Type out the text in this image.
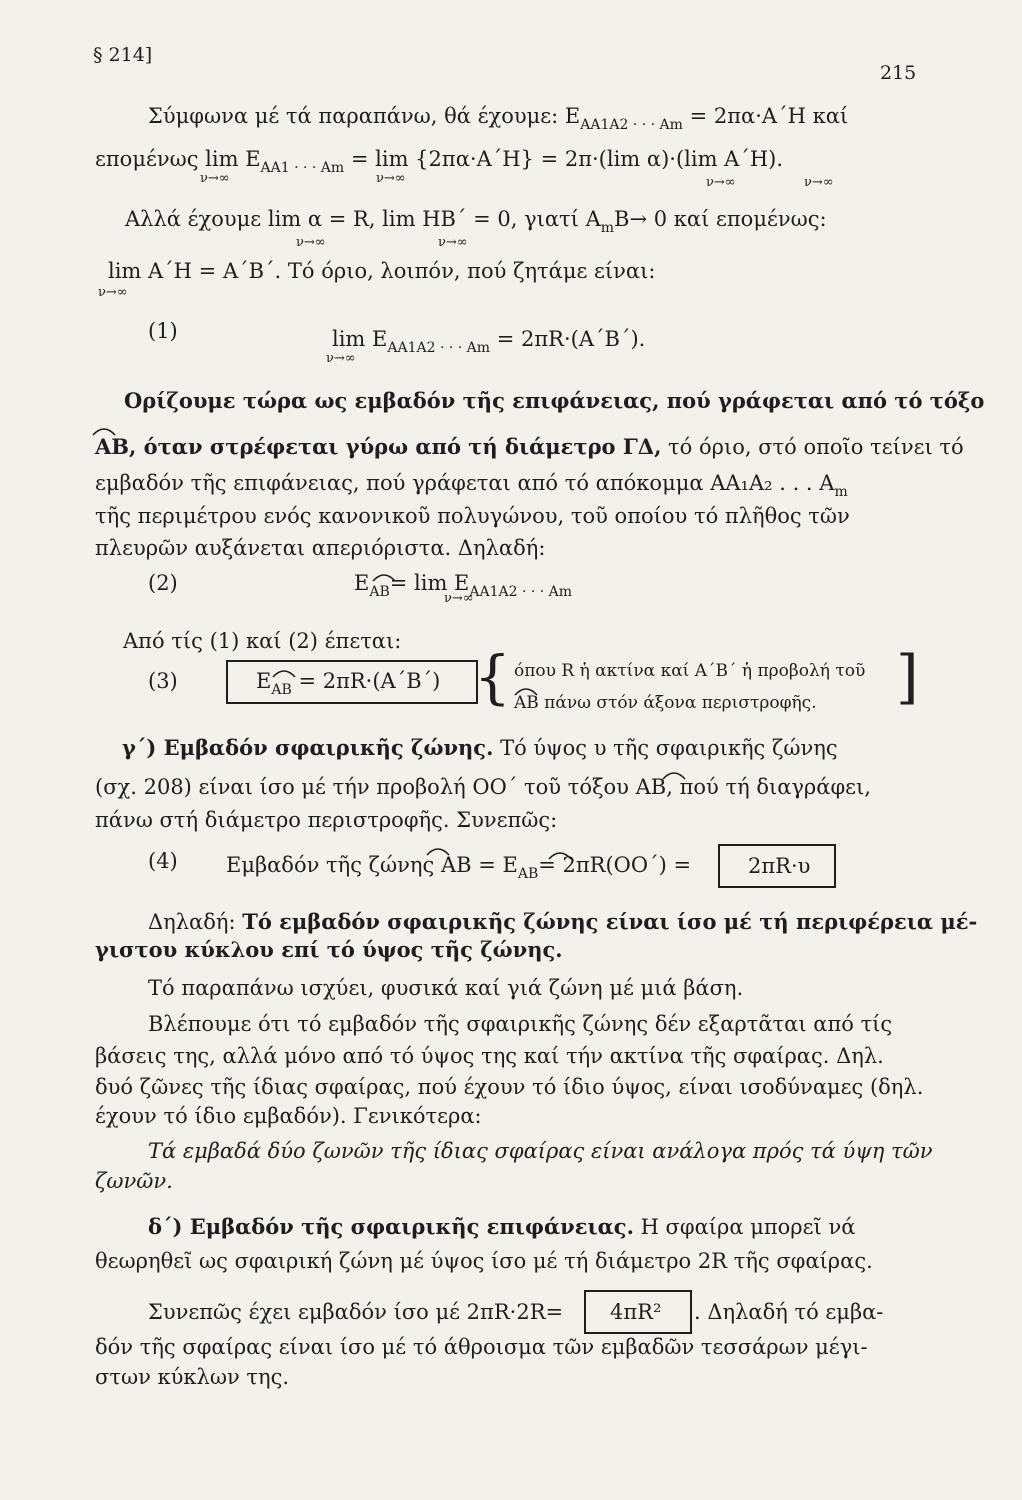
§ 214]
215
Σύμφωνα μέ τά παραπάνω, θά έχουμε: $E_{AA1A2 \cdot \cdot \cdot Am} = 2\pi\alpha\cdot A΄H$ καί
επομένως $\lim E_{AA1 \cdot \cdot \cdot Am} = \lim \{2\pi\alpha\cdot A΄H\} = 2\pi\cdot(\lim$ α)·(lim Α΄Η).
ν→∞	ν→∞	ν→∞	ν→∞
Αλλά έχουμε lim α = R, lim ΗΒ΄ = 0, γιατί $A_mB\to 0$ καί επομένως:
ν→∞	ν→∞
lim Α΄Η = Α΄Β΄. Τό όριο, λοιπόν, πού ζητάμε είναι:
ν→∞
(1)	$\lim E_{AA1A2 \cdot \cdot \cdot Am} = 2\pi R\cdot(A΄B΄)$.
ν→∞
Ορίζουμε τώρα ως εμβαδόν τῆς επιφάνειας, πού γράφεται από τό τόξο
AB, όταν στρέφεται γύρω από τή διάμετρο ΓΔ, τό όριο, στό οποῖο τείνει τό
εμβαδόν τῆς επιφάνειας, πού γράφεται από τό απόκομμα AA₁A₂ . . . $A_m$
τῆς περιμέτρου ενός κανονικοῦ πολυγώνου, τοῦ οποίου τό πλῆθος τῶν
πλευρῶν αυξάνεται απεριόριστα. Δηλαδή:
(2)	$E_{AB}= \lim E_{AA1A2 \cdot \cdot \cdot Am}$
ν→∞
Από τίς (1) καί (2) έπεται:
(3)	$E_{AB} = 2\pi R\cdot(A΄B΄)$ { όπου R ἡ ακτίνα καί Α΄Β΄ ἡ προβολή τοῦ
AB πάνω στόν άξονα περιστροφῆς. ]
γ΄) Εμβαδόν σφαιρικῆς ζώνης. Τό ύψος υ τῆς σφαιρικῆς ζώνης
(σχ. 208) είναι ίσο μέ τήν προβολή ΟΟ΄ τοῦ τόξου AB, πού τή διαγράφει,
πάνω στή διάμετρο περιστροφῆς. Συνεπῶς:
(4) Εμβαδόν τῆς ζώνης AB = $E_{AB}= 2\pi R(OO΄)$ =	2πR·υ
Δηλαδή: Τό εμβαδόν σφαιρικῆς ζώνης είναι ίσο μέ τή περιφέρεια μέ-
γιστου κύκλου επί τό ύψος τῆς ζώνης.
Τό παραπάνω ισχύει, φυσικά καί γιά ζώνη μέ μιά βάση.
Βλέπουμε ότι τό εμβαδόν τῆς σφαιρικῆς ζώνης δέν εξαρτᾶται από τίς
βάσεις της, αλλά μόνο από τό ύψος της καί τήν ακτίνα τῆς σφαίρας. Δηλ.
δυό ζῶνες τῆς ίδιας σφαίρας, πού έχουν τό ίδιο ύψος, είναι ισοδύναμες (δηλ.
έχουν τό ίδιο εμβαδόν). Γενικότερα:
Τά εμβαδά δύο ζωνῶν τῆς ίδιας σφαίρας είναι ανάλογα πρός τά ύψη τῶν
ζωνῶν.
δ΄) Εμβαδόν τῆς σφαιρικῆς επιφάνειας. Η σφαίρα μπορεῖ νά
θεωρηθεῖ ως σφαιρική ζώνη μέ ύψος ίσο μέ τή διάμετρο 2R τῆς σφαίρας.
Συνεπῶς έχει εμβαδόν ίσο μέ 2πR·2R= 4πR² . Δηλαδή τό εμβα-
δόν τῆς σφαίρας είναι ίσο μέ τό άθροισμα τῶν εμβαδῶν τεσσάρων μέγι-
στων κύκλων της.
